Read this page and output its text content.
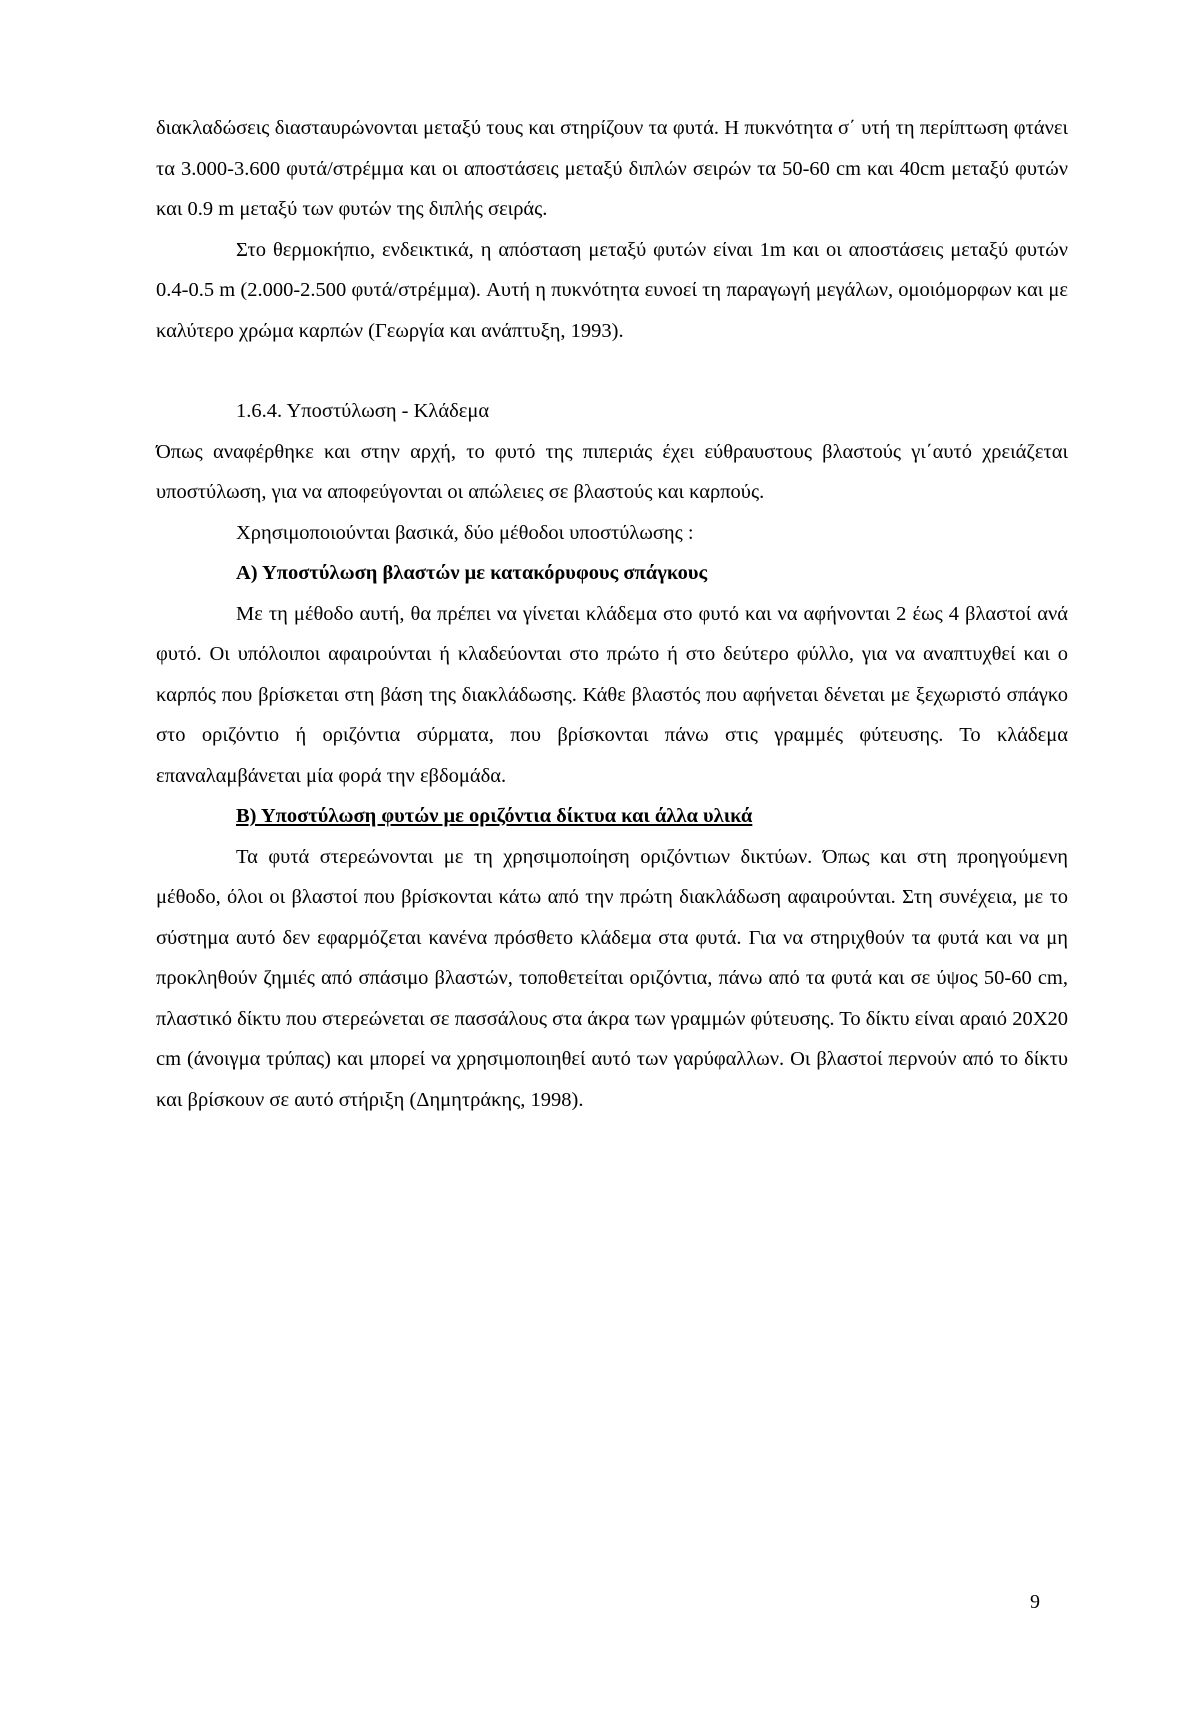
διακλαδώσεις διασταυρώνονται μεταξύ τους και στηρίζουν τα φυτά. Η πυκνότητα σ΄ υτή τη περίπτωση φτάνει τα 3.000-3.600 φυτά/στρέμμα και οι αποστάσεις μεταξύ διπλών σειρών τα 50-60 cm και 40cm μεταξύ φυτών και 0.9 m μεταξύ των φυτών της διπλής σειράς.

Στο θερμοκήπιο, ενδεικτικά, η απόσταση μεταξύ φυτών είναι 1m και οι αποστάσεις μεταξύ φυτών 0.4-0.5 m (2.000-2.500 φυτά/στρέμμα). Αυτή η πυκνότητα ευνοεί τη παραγωγή μεγάλων, ομοιόμορφων και με καλύτερο χρώμα καρπών (Γεωργία και ανάπτυξη, 1993).

1.6.4. Υποστύλωση - Κλάδεμα

Όπως αναφέρθηκε και στην αρχή, το φυτό της πιπεριάς έχει εύθραυστους βλαστούς γι΄αυτό χρειάζεται υποστύλωση, για να αποφεύγονται οι απώλειες σε βλαστούς και καρπούς.

Χρησιμοποιούνται βασικά, δύο μέθοδοι υποστύλωσης :

Α) Υποστύλωση βλαστών με κατακόρυφους σπάγκους

Με τη μέθοδο αυτή, θα πρέπει να γίνεται κλάδεμα στο φυτό και να αφήνονται 2 έως 4 βλαστοί ανά φυτό. Οι υπόλοιποι αφαιρούνται ή κλαδεύονται στο πρώτο ή στο δεύτερο φύλλο, για να αναπτυχθεί και ο καρπός που βρίσκεται στη βάση της διακλάδωσης. Κάθε βλαστός που αφήνεται δένεται με ξεχωριστό σπάγκο στο οριζόντιο ή οριζόντια σύρματα, που βρίσκονται πάνω στις γραμμές φύτευσης. Το κλάδεμα επαναλαμβάνεται μία φορά την εβδομάδα.

Β) Υποστύλωση φυτών με οριζόντια δίκτυα και άλλα υλικά

Τα φυτά στερεώνονται με τη χρησιμοποίηση οριζόντιων δικτύων. Όπως και στη προηγούμενη μέθοδο, όλοι οι βλαστοί που βρίσκονται κάτω από την πρώτη διακλάδωση αφαιρούνται. Στη συνέχεια, με το σύστημα αυτό δεν εφαρμόζεται κανένα πρόσθετο κλάδεμα στα φυτά. Για να στηριχθούν τα φυτά και να μη προκληθούν ζημιές από σπάσιμο βλαστών, τοποθετείται οριζόντια, πάνω από τα φυτά και σε ύψος 50-60 cm, πλαστικό δίκτυ που στερεώνεται σε πασσάλους στα άκρα των γραμμών φύτευσης. Το δίκτυ είναι αραιό 20Χ20 cm (άνοιγμα τρύπας) και μπορεί να χρησιμοποιηθεί αυτό των γαρύφαλλων. Οι βλαστοί περνούν από το δίκτυ και βρίσκουν σε αυτό στήριξη (Δημητράκης, 1998).

9
